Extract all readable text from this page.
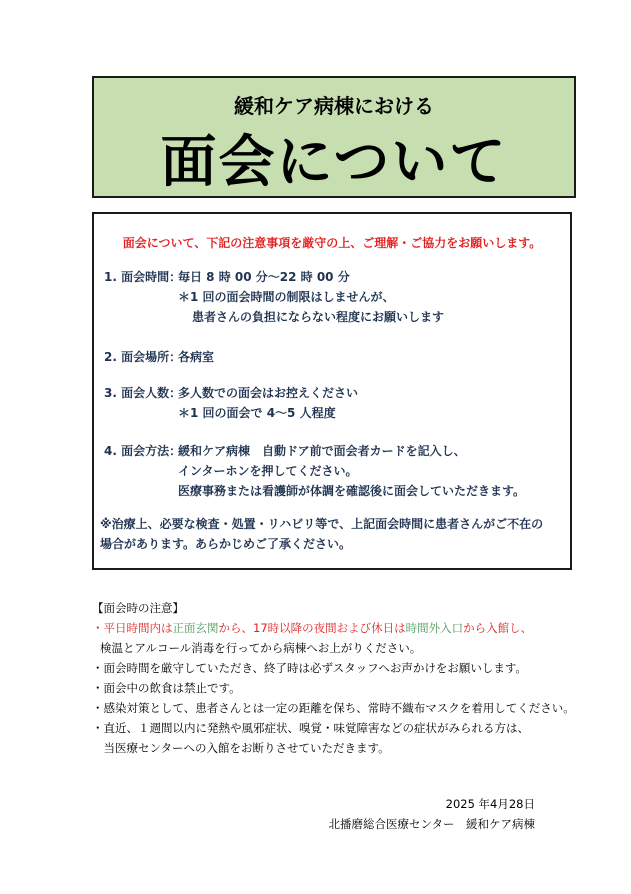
緩和ケア病棟における
面会について
面会について、下記の注意事項を厳守の上、ご理解・ご協力をお願いします。
1. 面会時間：
毎日 8 時 00 分～22 時 00 分
＊1 回の面会時間の制限はしませんが、
患者さんの負担にならない程度にお願いします
2. 面会場所：
各病室
3. 面会人数：
多人数での面会はお控えください
＊1 回の面会で 4～5 人程度
4. 面会方法：
緩和ケア病棟　自動ドア前で面会者カードを記入し、
インターホンを押してください。
医療事務または看護師が体調を確認後に面会していただきます。
※治療上、必要な検査・処置・リハビリ等で、上記面会時間に患者さんがご不在の
場合があります。あらかじめご了承ください。
【面会時の注意】
・平日時間内は正面玄関から、17時以降の夜間および休日は時間外入口から入館し、
検温とアルコール消毒を行ってから病棟へお上がりください。
・面会時間を厳守していただき、終了時は必ずスタッフへお声かけをお願いします。
・面会中の飲食は禁止です。
・感染対策として、患者さんとは一定の距離を保ち、常時不織布マスクを着用してください。
・直近、１週間以内に発熱や風邪症状、嗅覚・味覚障害などの症状がみられる方は、
　当医療センターへの入館をお断りさせていただきます。
2025 年4月28日
北播磨総合医療センター　緩和ケア病棟
